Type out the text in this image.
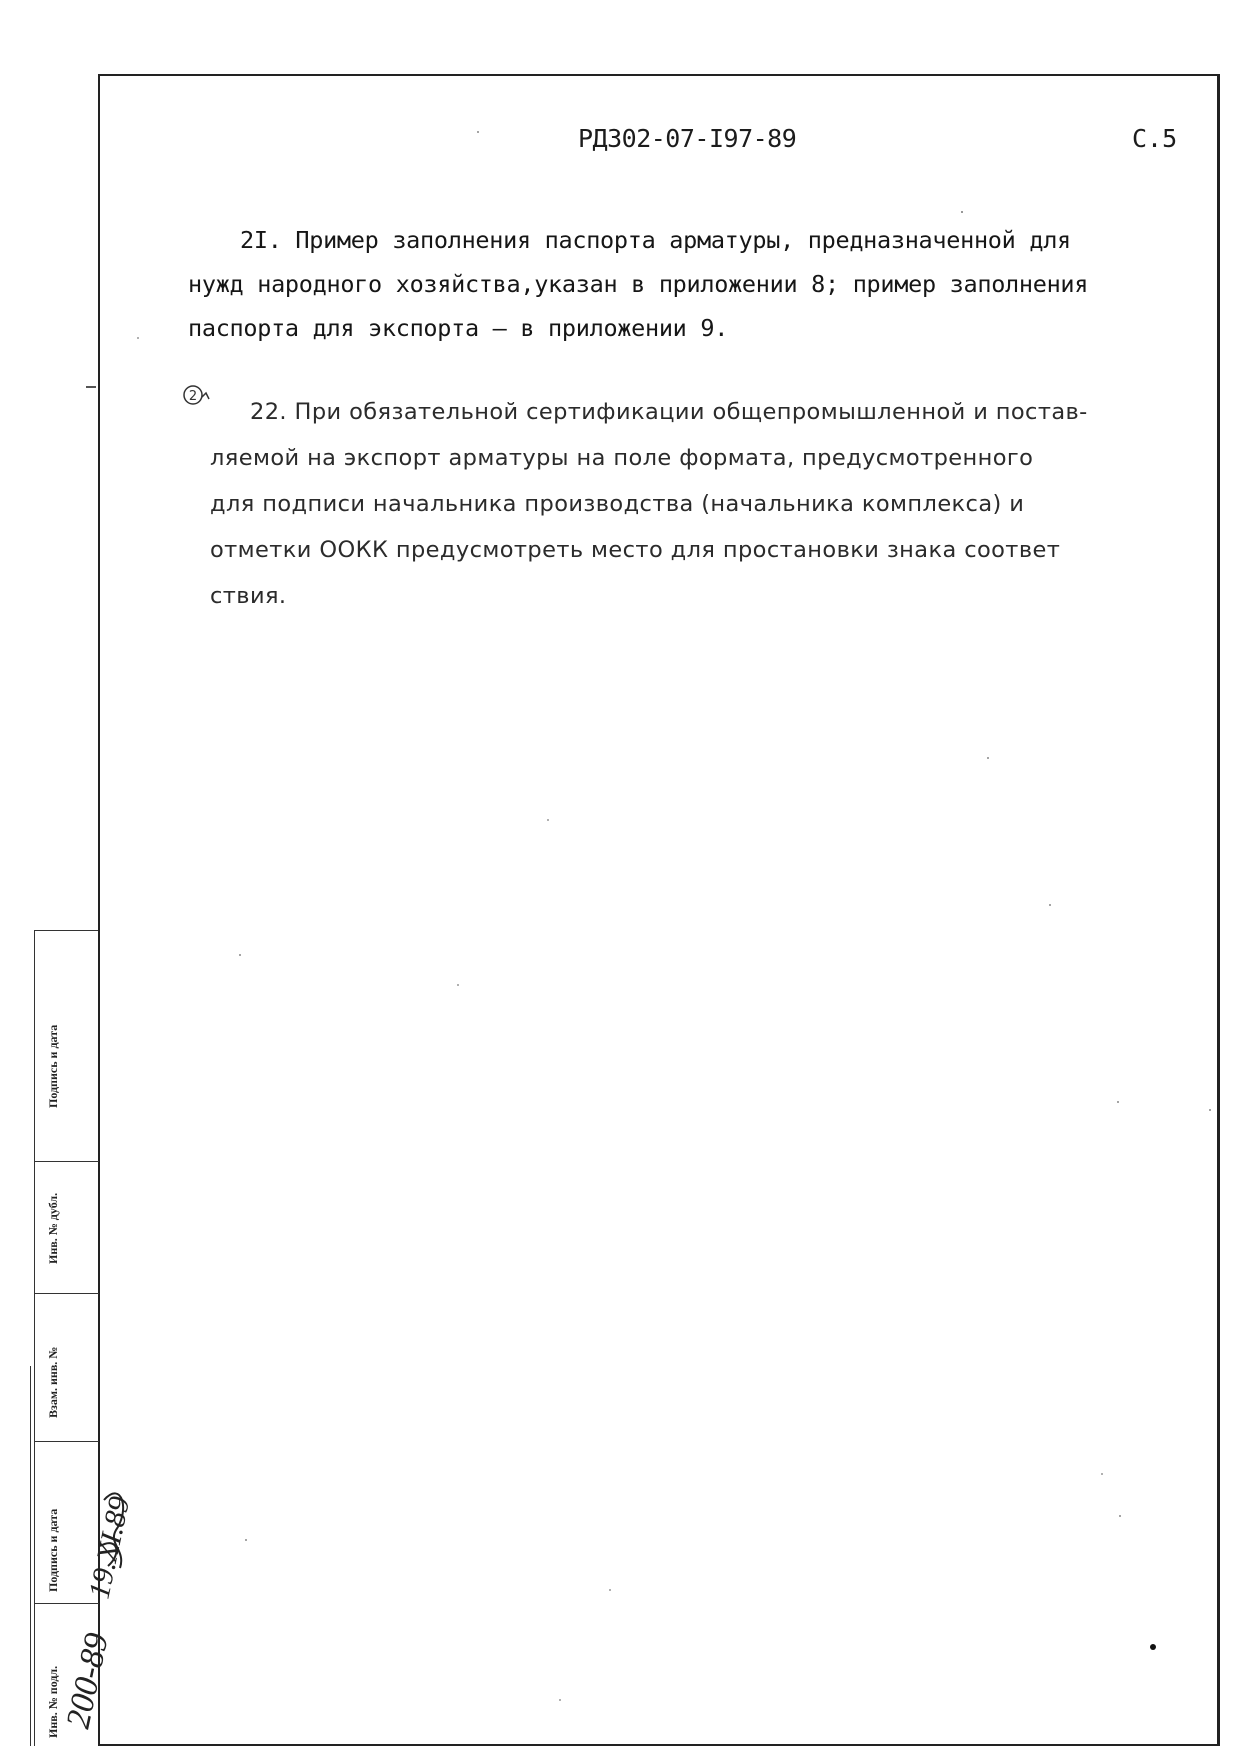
РД302-07-I97-89	С.5
2I. Пример заполнения паспорта арматуры, предназначенной для
нужд народного хозяйства,указан в приложении 8; пример заполнения
паспорта для экспорта – в приложении 9.
2
22. При обязательной сертификации общепромышленной и постав-
ляемой на экспорт арматуры на поле формата, предусмотренного
для подписи начальника производства (начальника комплекса) и
отметки ООКК предусмотреть место для простановки знака соответ
ствия.
Подпись и дата
Инв. № дубл.
Взам. инв. №
Подпись и дата
Инв. № подл. 200-89
19.XI.89
